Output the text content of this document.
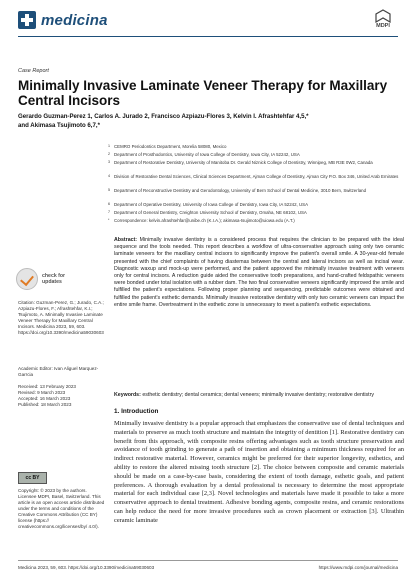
medicina	MDPI
Case Report
Minimally Invasive Laminate Veneer Therapy for Maxillary Central Incisors
Gerardo Guzman-Perez 1, Carlos A. Jurado 2, Francisco Azpiazu-Flores 3, Kelvin I. Afrashtehfar 4,5,*
and Akimasa Tsujimoto 6,7,*
1 CEMRO Periodontics Department, Morelia 58080, Mexico
2 Department of Prosthodontics, University of Iowa College of Dentistry, Iowa City, IA 52242, USA
3 Department of Restorative Dentistry, University of Manitoba Dr. Gerald Niznick College of Dentistry, Winnipeg, MB R3E 0W2, Canada
4 Division of Restorative Dental Sciences, Clinical Sciences Department, Ajman College of Dentistry, Ajman City P.O. Box 346, United Arab Emirates
5 Department of Reconstructive Dentistry and Gerodontology, University of Bern School of Dental Medicine, 3010 Bern, Switzerland
6 Department of Operative Dentistry, University of Iowa College of Dentistry, Iowa City, IA 52242, USA
7 Department of General Dentistry, Creighton University School of Dentistry, Omaha, NE 68102, USA
* Correspondence: kelvin.afrashtehfar@unibe.ch (K.I.A.); akimasa-tsujimoto@uiowa.edu (A.T.)
Abstract: Minimally invasive dentistry is a considered process that requires the clinician to be prepared with the ideal sequence and the tools needed. This report describes a workflow of ultra-conservative approach using only two ceramic laminate veneers for the maxillary central incisors to significantly improve the patient's overall smile. A 30-year-old female presented with the chief complaints of having diastemas between the central and lateral incisors as well as incisal wear. Diagnostic waxup and mock-up were performed, and the patient approved the minimally invasive treatment with veneers only for central incisors. A reduction guide aided the conservative tooth preparations, and hand-crafted feldspathic veneers were bonded under total isolation with a rubber dam. The two final conservative veneers significantly improved the smile and fulfilled the patient's expectations. Following proper planning and sequencing, predictable outcomes were obtained and fulfilled the patient's esthetic demands. Minimally invasive restorative dentistry with only two ceramic veneers can impact the entire smile frame. Overtreatment in the esthetic zone is unnecessary to meet a patient's esthetic expectations.
Keywords: esthetic dentistry; dental ceramics; dental veneers; minimally invasive dentistry; restorative dentistry
1. Introduction
Minimally invasive dentistry is a popular approach that emphasizes the conservative use of dental techniques and materials to preserve as much tooth structure and maintain the integrity of dentition [1]. Restorative dentistry can benefit from this approach, with composite resins offering advantages such as tooth structure preservation and avoidance of tooth grinding to generate a path of insertion and obtaining a minimum thickness required for an indirect restorative material. However, ceramics might be preferred for their superior longevity, esthetics, and ability to restore the altered missing tooth structure [2]. The choice between composite and ceramic materials should be made on a case-by-case basis, considering the extent of tooth damage, esthetic goals, and patient preferences. A thorough evaluation by a dental professional is necessary to determine the most appropriate material for each individual case [2,3]. Novel technologies and materials have made it possible to take a more conservative approach to dental treatment. Adhesive bonding agents, composite resins, and ceramic restorations can help reduce the need for more invasive procedures such as crown placement or extraction [3]. Ultrathin ceramic laminate
check for
updates
Citation: Guzman-Perez, G.; Jurado, C.A.; Azpiazu-Flores, F.; Afrashtehfar, K.I.; Tsujimoto, A. Minimally Invasive Laminate Veneer Therapy for Maxillary Central Incisors. Medicina 2023, 59, 603. https://doi.org/10.3390/medicina59030603
Academic Editor: Ivan Aliguel Marquez-Garrcia
Received: 13 February 2023
Revised: 9 March 2023
Accepted: 16 March 2023
Published: 18 March 2023
cc BY
Copyright: © 2023 by the authors. Licensee MDPI, Basel, Switzerland. This article is an open access article distributed under the terms and conditions of the Creative Commons Attribution (CC BY) license (https:// creativecommons.org/licenses/by/ 4.0/).
Medicina 2023, 59, 603. https://doi.org/10.3390/medicina59030603	https://www.mdpi.com/journal/medicina
